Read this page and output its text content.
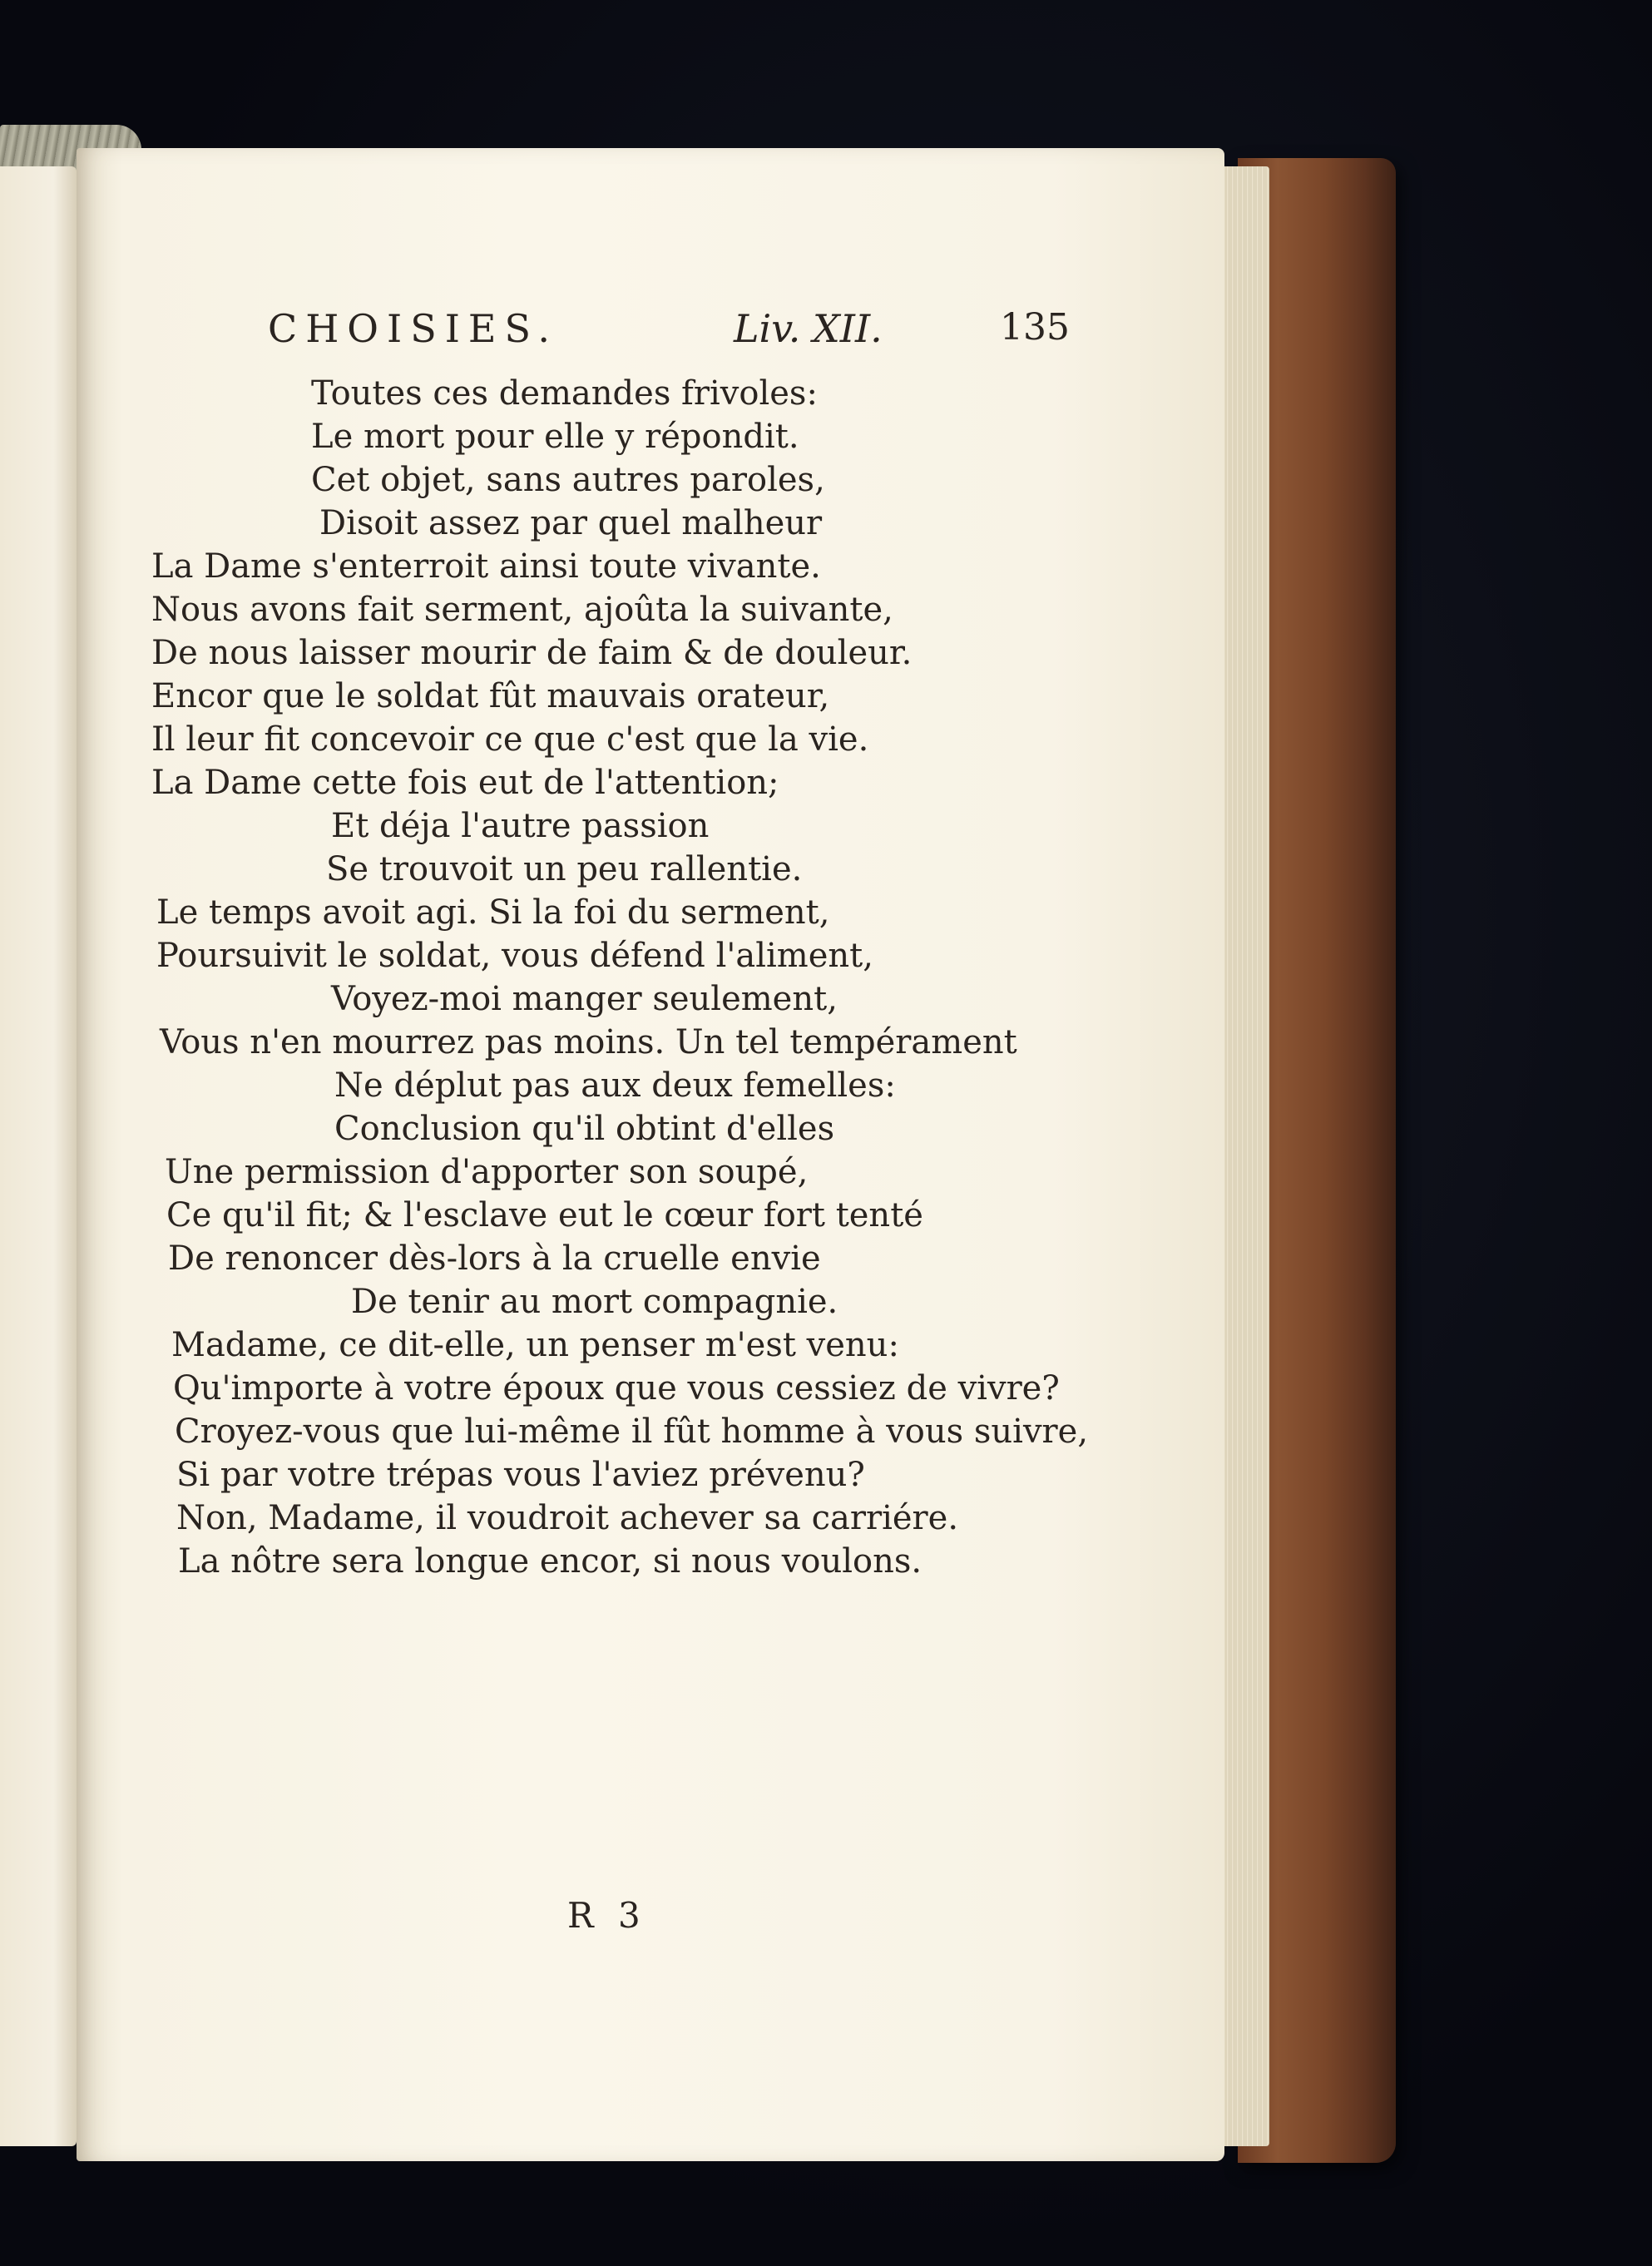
CHOISIES.	Liv. XII.	135
Toutes ces demandes frivoles:
Le mort pour elle y répondit.
Cet objet, sans autres paroles,
Disoit assez par quel malheur
La Dame s'enterroit ainsi toute vivante.
Nous avons fait serment, ajoûta la suivante,
De nous laisser mourir de faim & de douleur.
Encor que le soldat fût mauvais orateur,
Il leur fit concevoir ce que c'est que la vie.
La Dame cette fois eut de l'attention;
Et déja l'autre passion
Se trouvoit un peu rallentie.
Le temps avoit agi. Si la foi du serment,
Poursuivit le soldat, vous défend l'aliment,
Voyez-moi manger seulement,
Vous n'en mourrez pas moins. Un tel tempérament
Ne déplut pas aux deux femelles:
Conclusion qu'il obtint d'elles
Une permission d'apporter son soupé,
Ce qu'il fit; & l'esclave eut le cœur fort tenté
De renoncer dès-lors à la cruelle envie
De tenir au mort compagnie.
Madame, ce dit-elle, un penser m'est venu:
Qu'importe à votre époux que vous cessiez de vivre?
Croyez-vous que lui-même il fût homme à vous suivre,
Si par votre trépas vous l'aviez prévenu?
Non, Madame, il voudroit achever sa carriére.
La nôtre sera longue encor, si nous voulons.
R 3
